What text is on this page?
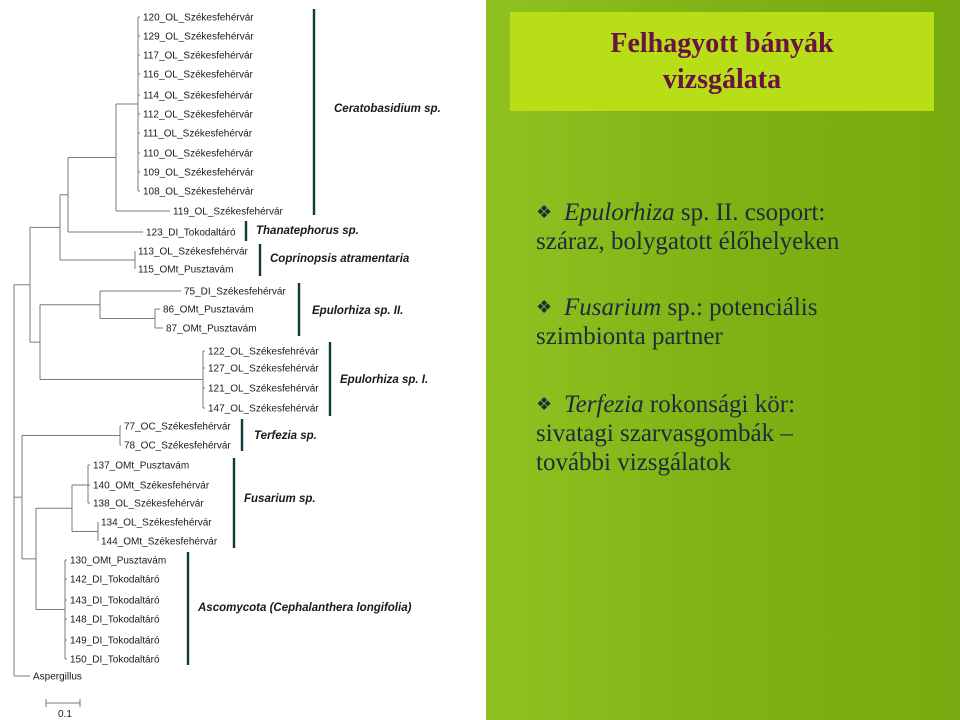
120_OL_Székesfehérvár
129_OL_Székesfehérvár
117_OL_Székesfehérvár
116_OL_Székesfehérvár
114_OL_Székesfehérvár
112_OL_Székesfehérvár
111_OL_Székesfehérvár
110_OL_Székesfehérvár
109_OL_Székesfehérvár
108_OL_Székesfehérvár
119_OL_Székesfehérvár
123_DI_Tokodaltáró
113_OL_Székesfehérvár
115_OMt_Pusztavám
75_DI_Székesfehérvár
86_OMt_Pusztavám
87_OMt_Pusztavám
122_OL_Székesfehrévár
127_OL_Székesfehérvár
121_OL_Székesfehérvár
147_OL_Székesfehérvár
77_OC_Székesfehérvár
78_OC_Székesfehérvár
137_OMt_Pusztavám
140_OMt_Székesfehérvár
138_OL_Székesfehérvár
134_OL_Székesfehérvár
144_OMt_Székesfehérvár
130_OMt_Pusztavám
142_DI_Tokodaltáró
143_DI_Tokodaltáró
148_DI_Tokodaltáró
149_DI_Tokodaltáró
150_DI_Tokodaltáró
Aspergillus
Ceratobasidium sp.
Thanatephorus sp.
Coprinopsis atramentaria
Epulorhiza sp. II.
Epulorhiza sp. I.
Terfezia sp.
Fusarium sp.
Ascomycota (Cephalanthera longifolia)
0.1
Felhagyott bányák
vizsgálata
❖ Epulorhiza sp. II. csoport:
száraz, bolygatott élőhelyeken
❖ Fusarium sp.: potenciális
szimbionta partner
❖ Terfezia rokonsági kör:
sivatagi szarvasgombák –
további vizsgálatok
